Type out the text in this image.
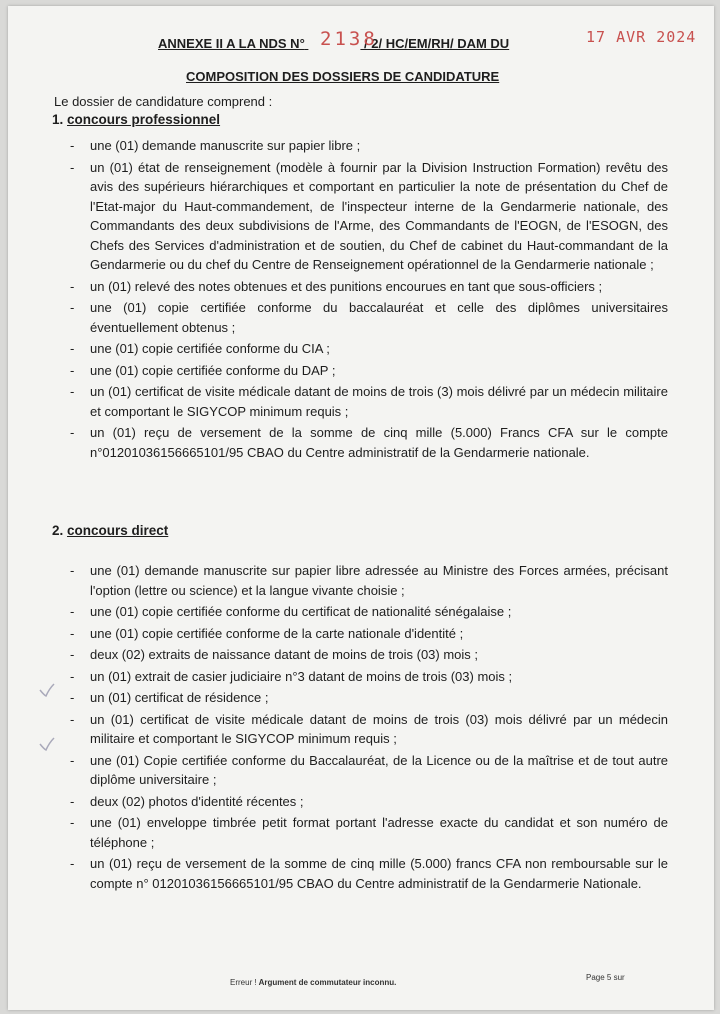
ANNEXE II A LA NDS N°	/ 2/ HC/EM/RH/ DAM DU
2138	17 AVR 2024
COMPOSITION DES DOSSIERS DE CANDIDATURE
Le dossier de candidature comprend :
1. concours professionnel
- une (01) demande manuscrite sur papier libre ;
- un (01) état de renseignement (modèle à fournir par la Division Instruction Formation) revêtu des avis des supérieurs hiérarchiques et comportant en particulier la note de présentation du Chef de l'Etat-major du Haut-commandement, de l'inspecteur interne de la Gendarmerie nationale, des Commandants des deux subdivisions de l'Arme, des Commandants de l'EOGN, de l'ESOGN, des Chefs des Services d'administration et de soutien, du Chef de cabinet du Haut-commandant de la Gendarmerie ou du chef du Centre de Renseignement opérationnel de la Gendarmerie nationale ;
- un (01) relevé des notes obtenues et des punitions encourues en tant que sous-officiers ;
- une (01) copie certifiée conforme du baccalauréat et celle des diplômes universitaires éventuellement obtenus ;
- une (01) copie certifiée conforme du CIA ;
- une (01) copie certifiée conforme du DAP ;
- un (01) certificat de visite médicale datant de moins de trois (3) mois délivré par un médecin militaire et comportant le SIGYCOP minimum requis ;
- un (01) reçu de versement de la somme de cinq mille (5.000) Francs CFA sur le compte n°01201036156665101/95 CBAO du Centre administratif de la Gendarmerie nationale.
2. concours direct
- une (01) demande manuscrite sur papier libre adressée au Ministre des Forces armées, précisant l'option (lettre ou science) et la langue vivante choisie ;
- une (01) copie certifiée conforme du certificat de nationalité sénégalaise ;
- une (01) copie certifiée conforme de la carte nationale d'identité ;
- deux (02) extraits de naissance datant de moins de trois (03) mois ;
- un (01) extrait de casier judiciaire n°3 datant de moins de trois (03) mois ;
- un (01) certificat de résidence ;
- un (01) certificat de visite médicale datant de moins de trois (03) mois délivré par un médecin militaire et comportant le SIGYCOP minimum requis ;
- une (01) Copie certifiée conforme du Baccalauréat, de la Licence ou de la maîtrise et de tout autre diplôme universitaire ;
- deux (02) photos d'identité récentes ;
- une (01) enveloppe timbrée petit format portant l'adresse exacte du candidat et son numéro de téléphone ;
- un (01) reçu de versement de la somme de cinq mille (5.000) francs CFA non remboursable sur le compte n° 01201036156665101/95 CBAO du Centre administratif de la Gendarmerie Nationale.
Erreur ! Argument de commutateur inconnu.
Page 5 sur
